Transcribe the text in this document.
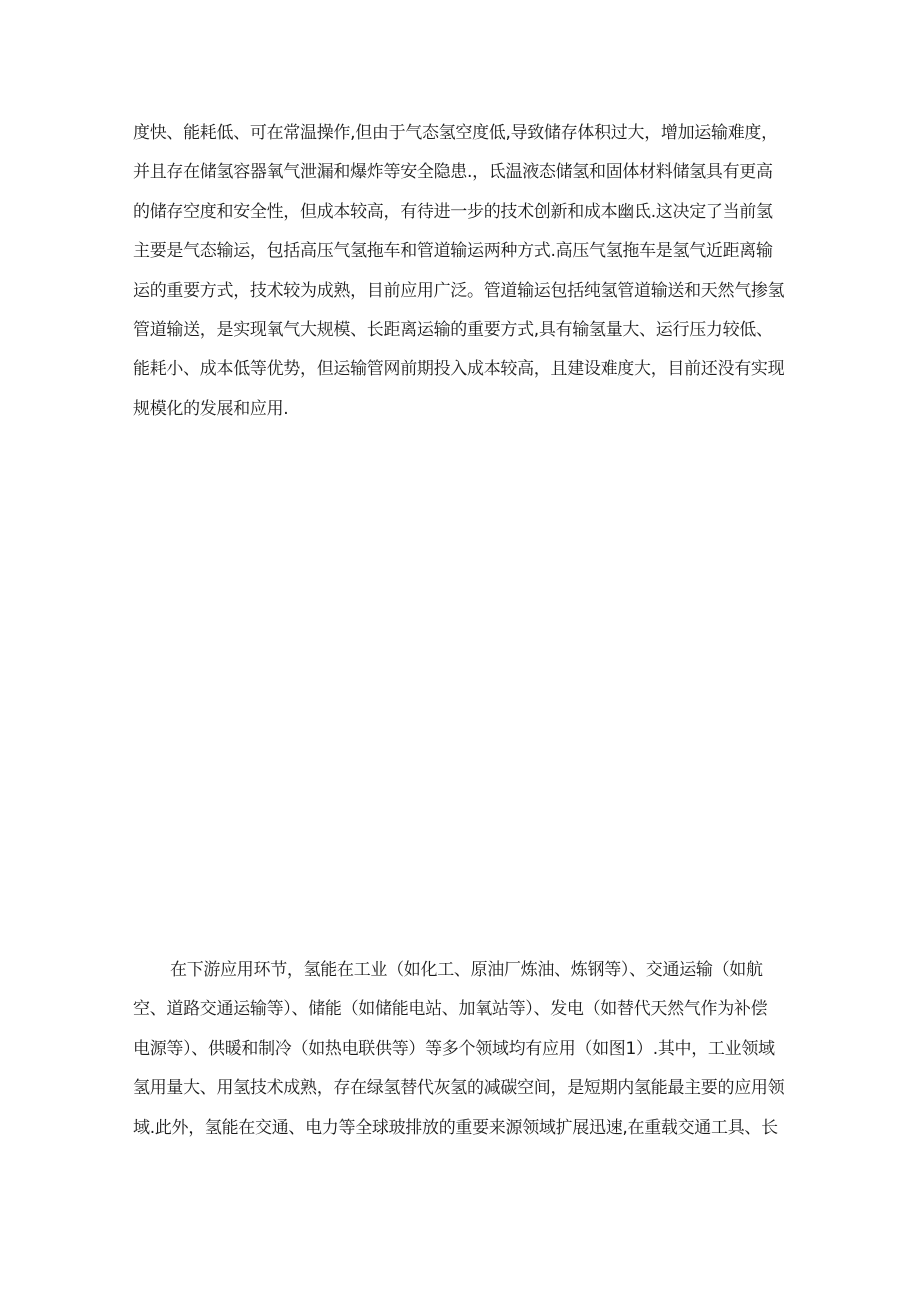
度快、能耗低、可在常温操作,但由于气态氢空度低,导致储存体积过大，增加运输难度，
并且存在储氢容器氧气泄漏和爆炸等安全隐患.，氐温液态储氢和固体材料储氢具有更高
的储存空度和安全性，但成本较高，有待进一步的技术创新和成本幽氐.这决定了当前氢
主要是气态输运，包括高压气氢拖车和管道输运两种方式.高压气氢拖车是氢气近距离输
运的重要方式，技术较为成熟，目前应用广泛。管道输运包括纯氢管道输送和天然气掺氢
管道输送，是实现氧气大规模、长距离运输的重要方式,具有输氢量大、运行压力较低、
能耗小、成本低等优势，但运输管网前期投入成本较高，且建设难度大，目前还没有实现
规模化的发展和应用.
在下游应用环节，氢能在工业（如化工、原油厂炼油、炼钢等）、交通运输（如航
空、道路交通运输等）、储能（如储能电站、加氧站等）、发电（如替代天然气作为补偿
电源等）、供暖和制冷（如热电联供等）等多个领域均有应用（如图1）.其中，工业领域
氢用量大、用氢技术成熟，存在绿氢替代灰氢的减碳空间，是短期内氢能最主要的应用领
域.此外，氢能在交通、电力等全球玻排放的重要来源领域扩展迅速,在重载交通工具、长
